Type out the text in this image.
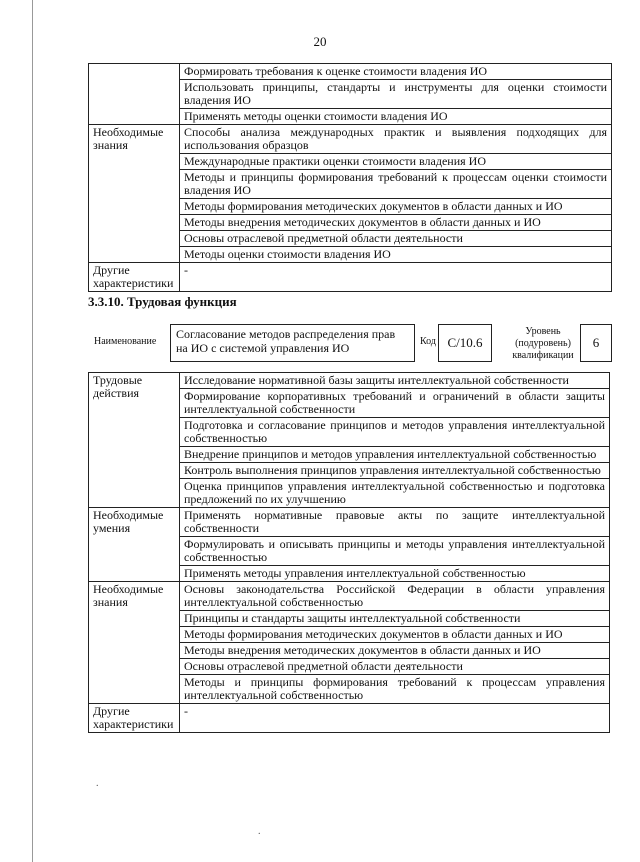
20
	Формировать требования к оценке стоимости владения ИО
	Использовать принципы, стандарты и инструменты для оценки стоимости владения ИО
	Применять методы оценки стоимости владения ИО
Необходимые знания	Способы анализа международных практик и выявления подходящих для использования образцов
	Международные практики оценки стоимости владения ИО
	Методы и принципы формирования требований к процессам оценки стоимости владения ИО
	Методы формирования методических документов в области данных и ИО
	Методы внедрения методических документов в области данных и ИО
	Основы отраслевой предметной области деятельности
	Методы оценки стоимости владения ИО
Другие характеристики	-
3.3.10. Трудовая функция
Наименование
Согласование методов распределения прав на ИО с системой управления ИО	Код C/10.6
Уровень (подуровень) квалификации
6
Трудовые действия	Исследование нормативной базы защиты интеллектуальной собственности
	Формирование корпоративных требований и ограничений в области защиты интеллектуальной собственности
	Подготовка и согласование принципов и методов управления интеллектуальной собственностью
	Внедрение принципов и методов управления интеллектуальной собственностью
	Контроль выполнения принципов управления интеллектуальной собственностью
	Оценка принципов управления интеллектуальной собственностью и подготовка предложений по их улучшению
Необходимые умения	Применять нормативные правовые акты по защите интеллектуальной собственности
	Формулировать и описывать принципы и методы управления интеллектуальной собственностью
	Применять методы управления интеллектуальной собственностью
Необходимые знания	Основы законодательства Российской Федерации в области управления интеллектуальной собственностью
	Принципы и стандарты защиты интеллектуальной собственности
	Методы формирования методических документов в области данных и ИО
	Методы внедрения методических документов в области данных и ИО
	Основы отраслевой предметной области деятельности
	Методы и принципы формирования требований к процессам управления интеллектуальной собственностью
Другие характеристики	-
.
.
